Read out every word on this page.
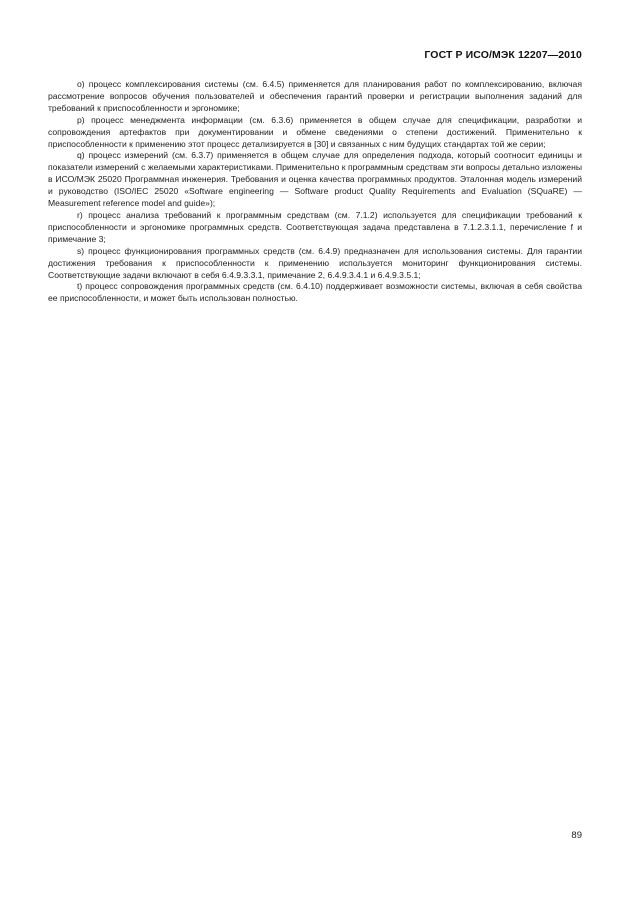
ГОСТ Р ИСО/МЭК 12207—2010

о) процесс комплексирования системы (см. 6.4.5) применяется для планирования работ по комплексированию, включая рассмотрение вопросов обучения пользователей и обеспечения гарантий проверки и регистрации выполнения заданий для требований к приспособленности и эргономике;

р) процесс менеджмента информации (см. 6.3.6) применяется в общем случае для спецификации, разработки и сопровождения артефактов при документировании и обмене сведениями о степени достижений. Применительно к приспособленности к применению этот процесс детализируется в [30] и связанных с ним будущих стандартах той же серии;

q) процесс измерений (см. 6.3.7) применяется в общем случае для определения подхода, который соотносит единицы и показатели измерений с желаемыми характеристиками. Применительно к программным средствам эти вопросы детально изложены в ИСО/МЭК 25020 Программная инженерия. Требования и оценка качества программных продуктов. Эталонная модель измерений и руководство (ISO/IEC 25020 «Software engineering — Software product Quality Requirements and Evaluation (SQuaRE) — Measurement reference model and guide»);

r) процесс анализа требований к программным средствам (см. 7.1.2) используется для спецификации требований к приспособленности и эргономике программных средств. Соответствующая задача представлена в 7.1.2.3.1.1, перечисление f и примечание 3;

s) процесс функционирования программных средств (см. 6.4.9) предназначен для использования системы. Для гарантии достижения требования к приспособленности к применению используется мониторинг функционирования системы. Соответствующие задачи включают в себя 6.4.9.3.3.1, примечание 2, 6.4.9.3.4.1 и 6.4.9.3.5.1;

t) процесс сопровождения программных средств (см. 6.4.10) поддерживает возможности системы, включая в себя свойства ее приспособленности, и может быть использован полностью.

89
